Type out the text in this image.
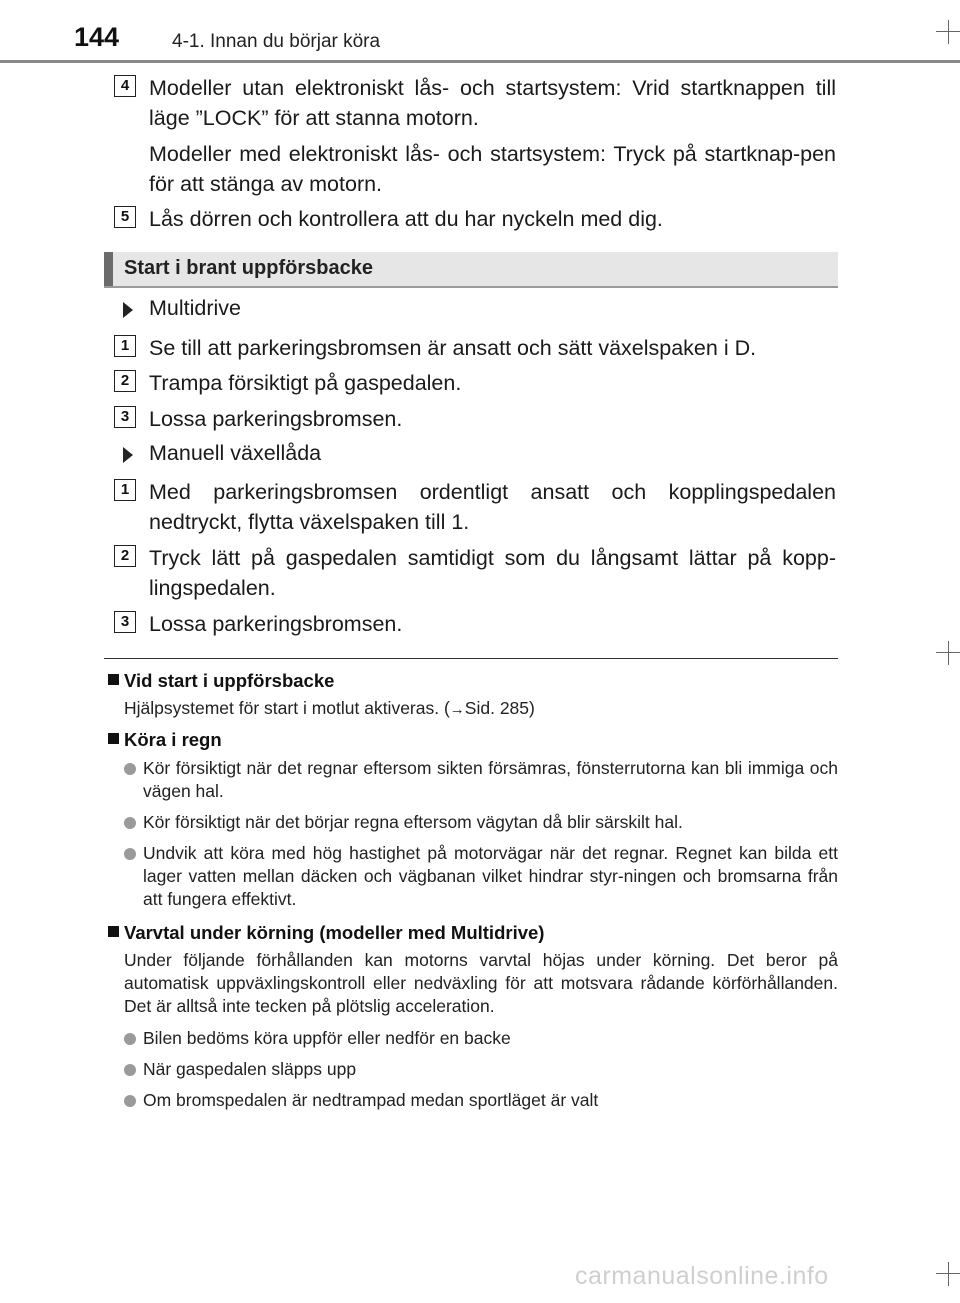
144	4-1. Innan du börjar köra
4 Modeller utan elektroniskt lås- och startsystem: Vrid startknappen till läge ”LOCK” för att stanna motorn.

Modeller med elektroniskt lås- och startsystem: Tryck på startknap-pen för att stänga av motorn.

5 Lås dörren och kontrollera att du har nyckeln med dig.

Start i brant uppförsbacke
Multidrive
1 Se till att parkeringsbromsen är ansatt och sätt växelspaken i D.

2 Trampa försiktigt på gaspedalen.

3 Lossa parkeringsbromsen.

Manuell växellåda
1 Med parkeringsbromsen ordentligt ansatt och kopplingspedalen nedtryckt, flytta växelspaken till 1.

2 Tryck lätt på gaspedalen samtidigt som du långsamt lättar på kopp-lingspedalen.

3 Lossa parkeringsbromsen.

Vid start i uppförsbacke
Hjälpsystemet för start i motlut aktiveras. (→Sid. 285)
Köra i regn

Kör försiktigt när det regnar eftersom sikten försämras, fönsterrutorna kan bli immiga och vägen hal.

Kör försiktigt när det börjar regna eftersom vägytan då blir särskilt hal.

Undvik att köra med hög hastighet på motorvägar när det regnar. Regnet kan bilda ett lager vatten mellan däcken och vägbanan vilket hindrar styr-ningen och bromsarna från att fungera effektivt.

Varvtal under körning (modeller med Multidrive)
Under följande förhållanden kan motorns varvtal höjas under körning. Det beror på automatisk uppväxlingskontroll eller nedväxling för att motsvara rådande körförhållanden. Det är alltså inte tecken på plötslig acceleration.

Bilen bedöms köra uppför eller nedför en backe

När gaspedalen släpps upp

Om bromspedalen är nedtrampad medan sportläget är valt

carmanualsonline.info
